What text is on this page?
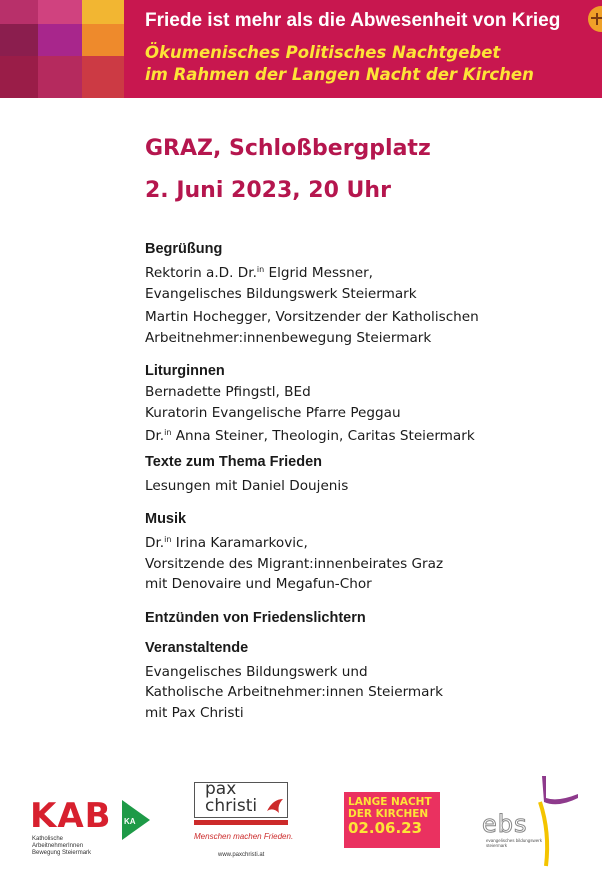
Friede ist mehr als die Abwesenheit von Krieg
Ökumenisches Politisches Nachtgebet
im Rahmen der Langen Nacht der Kirchen
GRAZ, Schloßbergplatz
2. Juni 2023, 20 Uhr

Begrüßung

Rektorin a.D. Dr.$^{in}$ Elgrid Messner,

Evangelisches Bildungswerk Steiermark

Martin Hochegger, Vorsitzender der Katholischen

Arbeitnehmer:innenbewegung Steiermark

Liturginnen

Bernadette Pfingstl, BEd

Kuratorin Evangelische Pfarre Peggau

Dr.$^{in}$ Anna Steiner, Theologin, Caritas Steiermark

Texte zum Thema Frieden

Lesungen mit Daniel Doujenis

Musik

Dr.$^{in}$ Irina Karamarkovic,

Vorsitzende des Migrant:innenbeirates Graz

mit Denovaire und Megafun-Chor

Entzünden von Friedenslichtern

Veranstaltende

Evangelisches Bildungswerk und

Katholische Arbeitnehmer:innen Steiermark

mit Pax Christi

KAB
Katholische ArbeitnehmerInnen
Bewegung Steiermark
KA
pax
christi
Menschen machen Frieden.
www.paxchristi.at
LANGE NACHT
DER KIRCHEN
02.06.23 ebs
evangelisches bildungswerk
steiermark
